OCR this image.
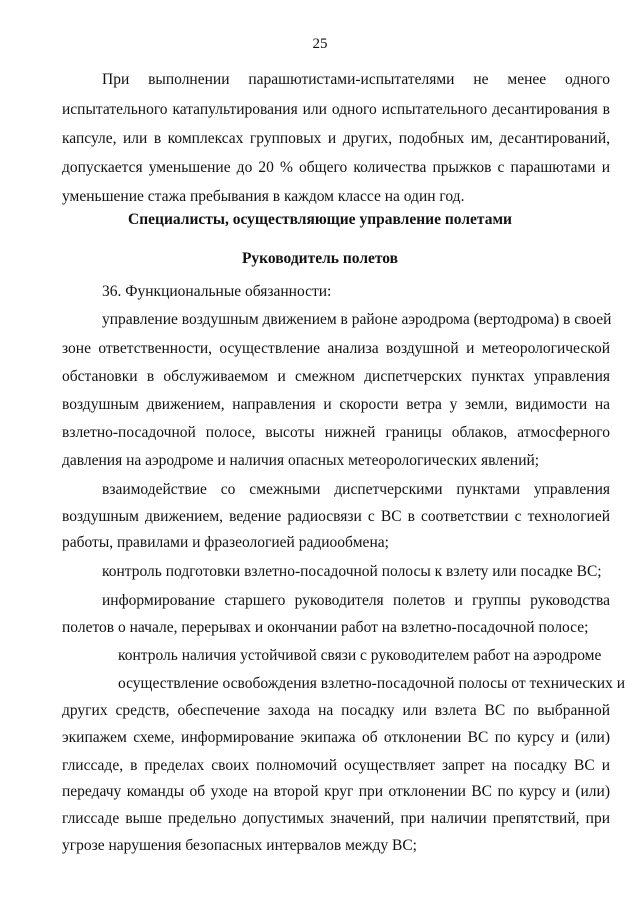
25
При выполнении парашютистами-испытателями не менее одного
испытательного катапультирования или одного испытательного десантирования в
капсуле, или в комплексах групповых и других, подобных им, десантирований,
допускается уменьшение до 20 % общего количества прыжков с парашютами и
уменьшение стажа пребывания в каждом классе на один год.
Специалисты, осуществляющие управление полетами
Руководитель полетов
36. Функциональные обязанности:
управление воздушным движением в районе аэродрома (вертодрома) в своей
зоне ответственности, осуществление анализа воздушной и метеорологической
обстановки в обслуживаемом и смежном диспетчерских пунктах управления
воздушным движением, направления и скорости ветра у земли, видимости на
взлетно-посадочной полосе, высоты нижней границы облаков, атмосферного
давления на аэродроме и наличия опасных метеорологических явлений;
взаимодействие со смежными диспетчерскими пунктами управления
воздушным движением, ведение радиосвязи с ВС в соответствии с технологией
работы, правилами и фразеологией радиообмена;
контроль подготовки взлетно-посадочной полосы к взлету или посадке ВС;
информирование старшего руководителя полетов и группы руководства
полетов о начале, перерывах и окончании работ на взлетно-посадочной полосе;
контроль наличия устойчивой связи с руководителем работ на аэродроме
осуществление освобождения взлетно-посадочной полосы от технических и
других средств, обеспечение захода на посадку или взлета ВС по выбранной
экипажем схеме, информирование экипажа об отклонении ВС по курсу и (или)
глиссаде, в пределах своих полномочий осуществляет запрет на посадку ВС и
передачу команды об уходе на второй круг при отклонении ВС по курсу и (или)
глиссаде выше предельно допустимых значений, при наличии препятствий, при
угрозе нарушения безопасных интервалов между ВС;
